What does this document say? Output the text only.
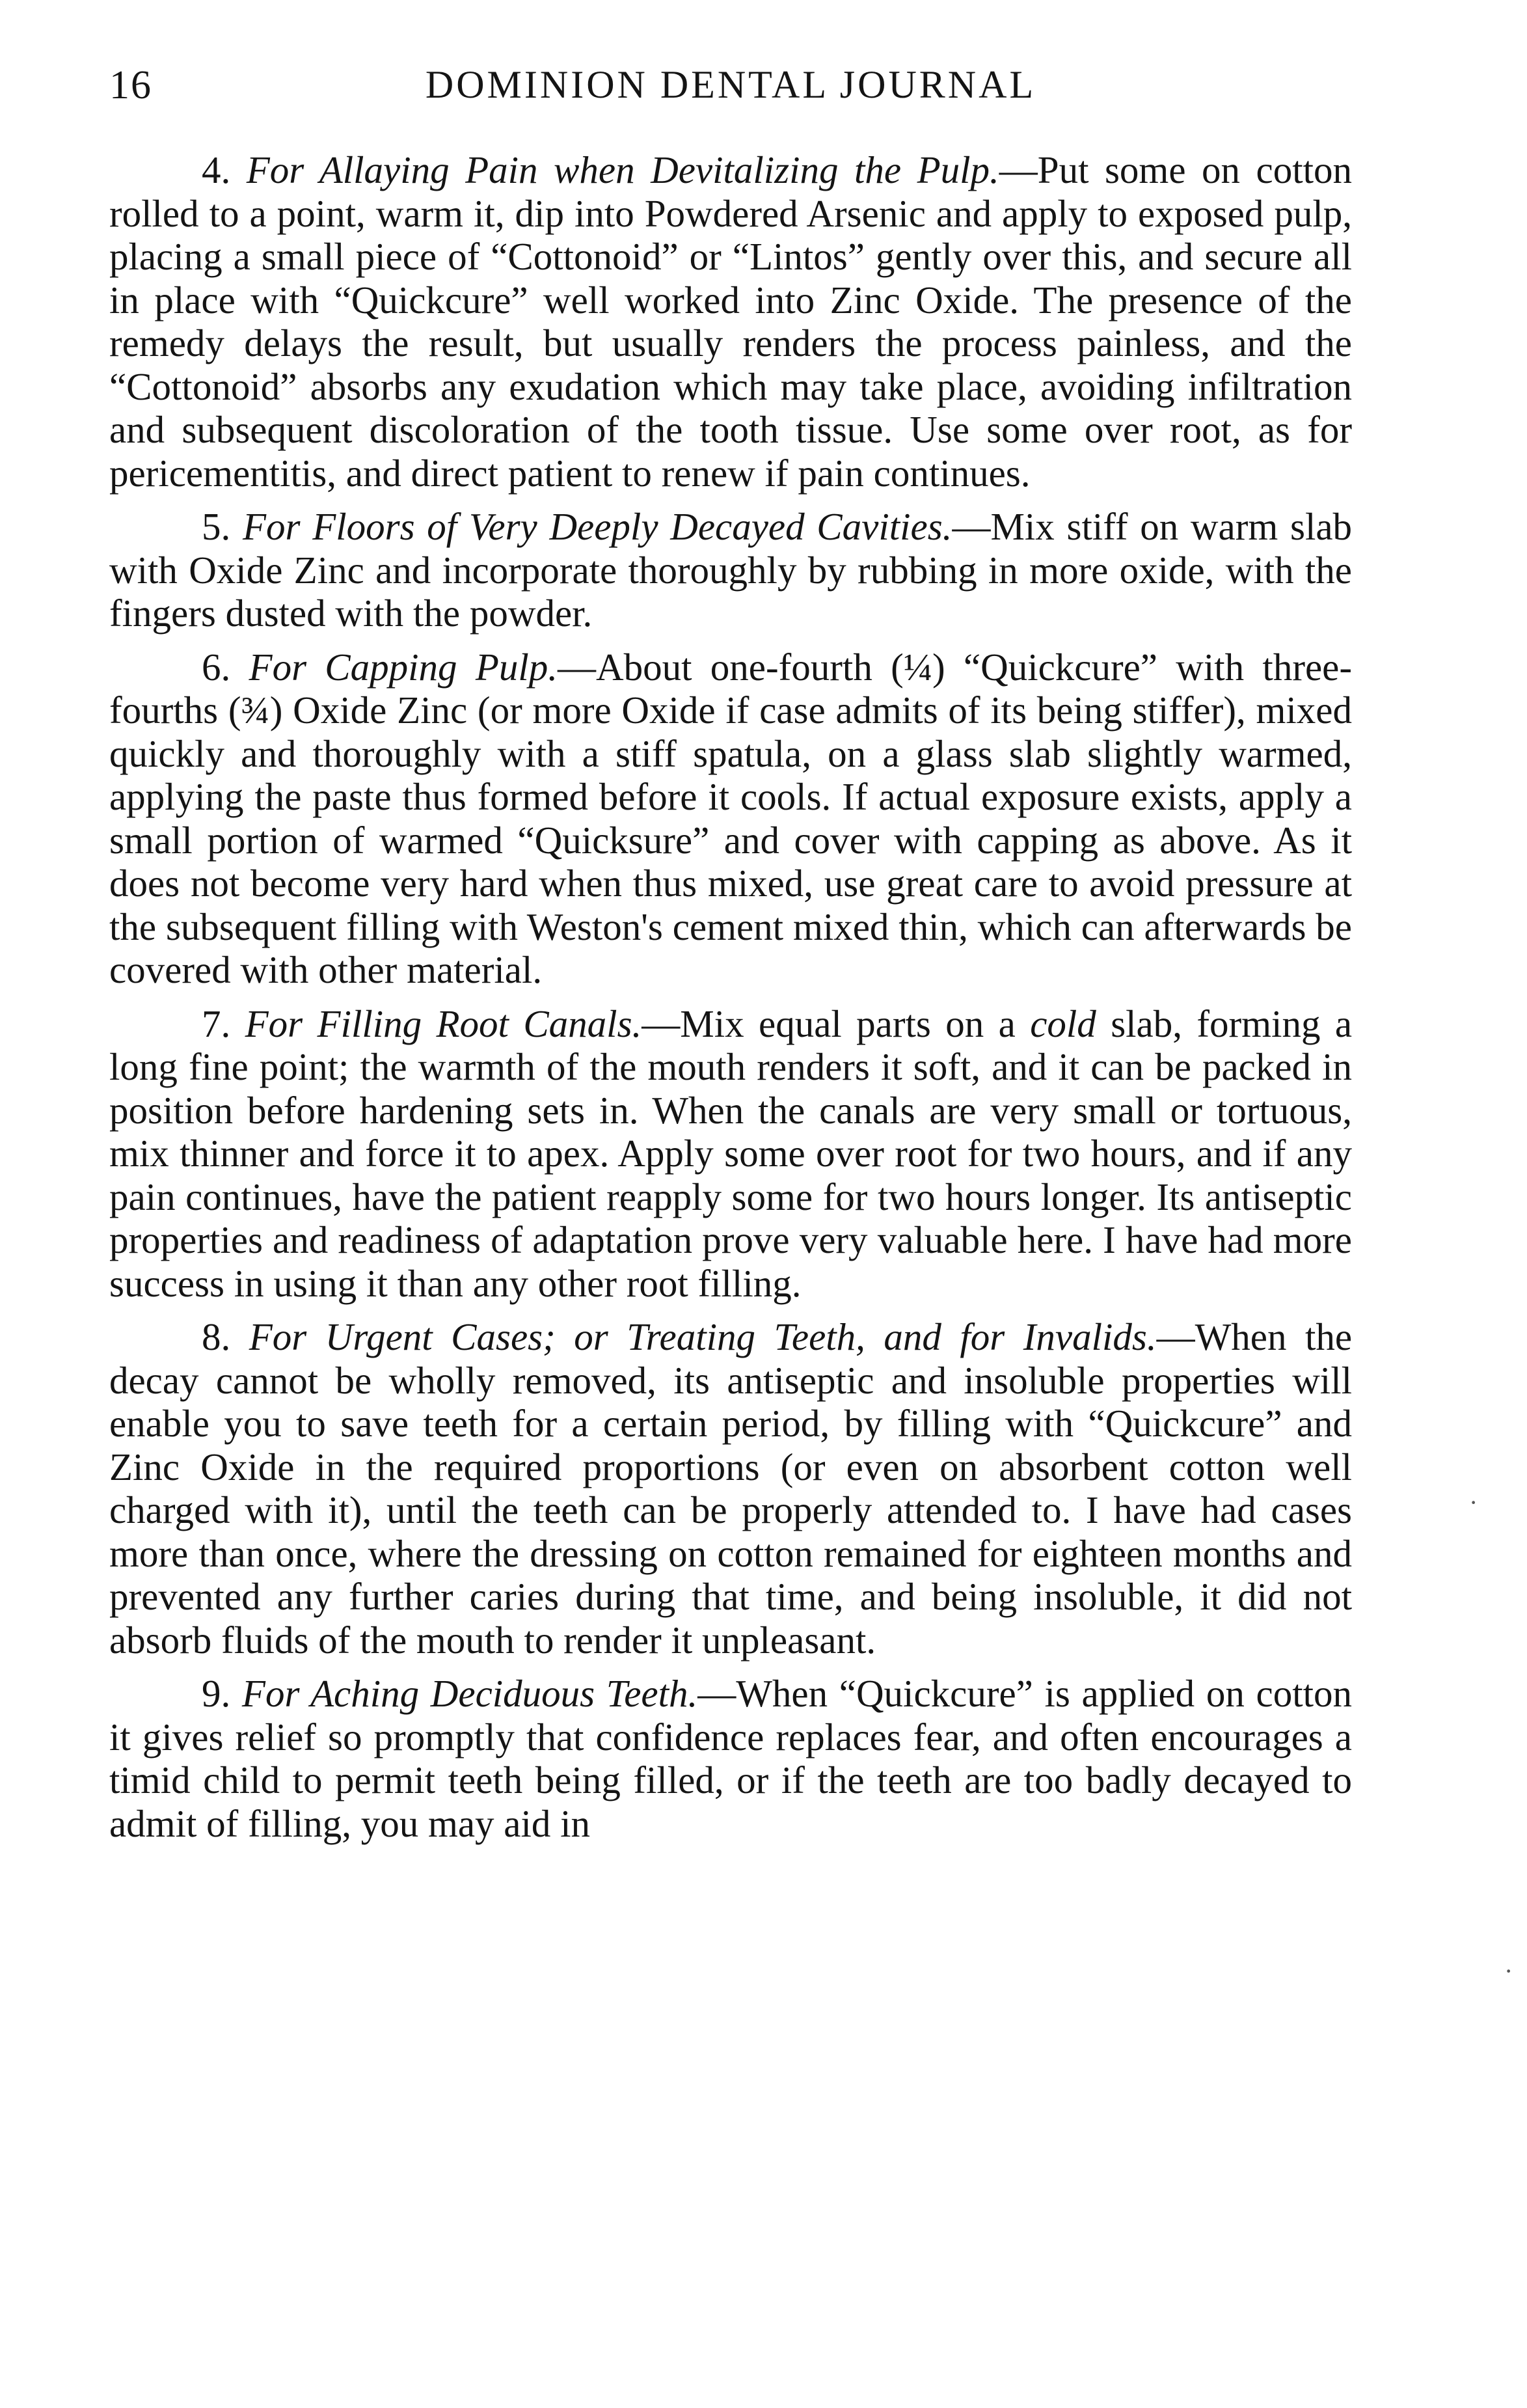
16	DOMINION DENTAL JOURNAL

4. For Allaying Pain when Devitalizing the Pulp.—Put some on cotton rolled to a point, warm it, dip into Powdered Arsenic and apply to exposed pulp, placing a small piece of “Cottonoid” or “Lintos” gently over this, and secure all in place with “Quickcure” well worked into Zinc Oxide. The presence of the remedy delays the result, but usually renders the process painless, and the “Cottonoid” absorbs any exudation which may take place, avoiding infiltration and subsequent discoloration of the tooth tissue. Use some over root, as for pericementitis, and direct patient to renew if pain continues.

5. For Floors of Very Deeply Decayed Cavities.—Mix stiff on warm slab with Oxide Zinc and incorporate thoroughly by rubbing in more oxide, with the fingers dusted with the powder.

6. For Capping Pulp.—About one-fourth (¼) “Quickcure” with three-fourths (¾) Oxide Zinc (or more Oxide if case admits of its being stiffer), mixed quickly and thoroughly with a stiff spatula, on a glass slab slightly warmed, applying the paste thus formed before it cools. If actual exposure exists, apply a small portion of warmed “Quicksure” and cover with capping as above. As it does not become very hard when thus mixed, use great care to avoid pressure at the subsequent filling with Weston's cement mixed thin, which can afterwards be covered with other material.

7. For Filling Root Canals.—Mix equal parts on a cold slab, forming a long fine point; the warmth of the mouth renders it soft, and it can be packed in position before hardening sets in. When the canals are very small or tortuous, mix thinner and force it to apex. Apply some over root for two hours, and if any pain continues, have the patient reapply some for two hours longer. Its antiseptic properties and readiness of adaptation prove very valuable here. I have had more success in using it than any other root filling.

8. For Urgent Cases; or Treating Teeth, and for Invalids.—When the decay cannot be wholly removed, its antiseptic and insoluble properties will enable you to save teeth for a certain period, by filling with “Quickcure” and Zinc Oxide in the required proportions (or even on absorbent cotton well charged with it), until the teeth can be properly attended to. I have had cases more than once, where the dressing on cotton remained for eighteen months and prevented any further caries during that time, and being insoluble, it did not absorb fluids of the mouth to render it unpleasant.

9. For Aching Deciduous Teeth.—When “Quickcure” is applied on cotton it gives relief so promptly that confidence replaces fear, and often encourages a timid child to permit teeth being filled, or if the teeth are too badly decayed to admit of filling, you may aid in

·
·
